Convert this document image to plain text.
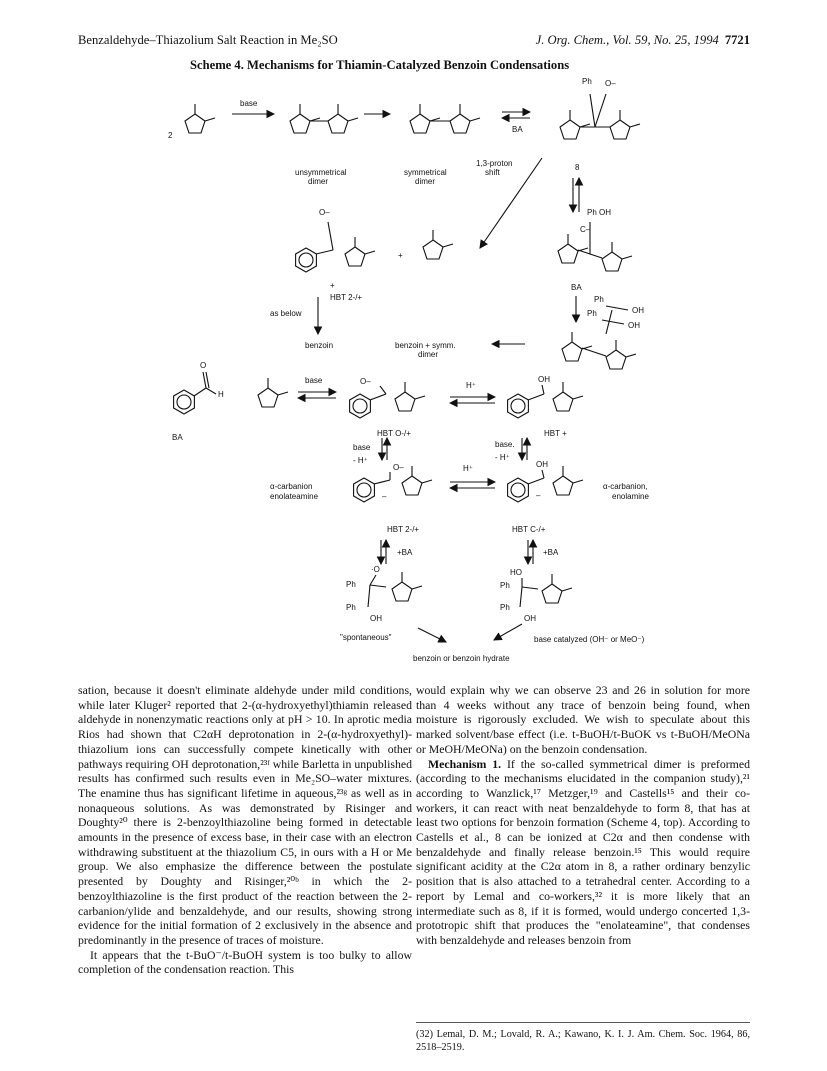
Benzaldehyde–Thiazolium Salt Reaction in Me₂SO	J. Org. Chem., Vol. 59, No. 25, 1994 7721
Scheme 4. Mechanisms for Thiamin-Catalyzed Benzoin Condensations
2
base
unsymmetrical
dimer
symmetrical
dimer
BA
Ph O–
8
1,3-proton
shift
O–
+
+
HBT 2-/+
as below
Ph OH
C–
BA
Ph
OH
Ph
OH
benzoin	benzoin + symm.
dimer
O
H
BA
base	O–
HBT O-/+
H⁺
OH
HBT +
base
- H⁺
base.
- H⁺
O–
–
α-carbanion
enolateamine
H⁺	OH
–
α-carbanion,
enolamine
HBT 2-/+	HBT C-/+
+BA	+BA
·O
Ph
Ph
OH
HO
Ph
Ph
OH
"spontaneous"	base catalyzed (OH⁻ or MeO⁻)
benzoin or benzoin hydrate

sation, because it doesn't eliminate aldehyde under mild conditions, while later Kluger² reported that 2-(α-hydroxyethyl)thiamin released aldehyde in nonenzymatic reactions only at pH > 10. In aprotic media Rios had shown that C2αH deprotonation in 2-(α-hydroxyethyl)-thiazolium ions can successfully compete kinetically with other pathways requiring OH deprotonation,²³ᶠ while Barletta in unpublished results has confirmed such results even in Me₂SO–water mixtures. The enamine thus has significant lifetime in aqueous,²³ᵍ as well as in nonaqueous solutions. As was demonstrated by Risinger and Doughty²⁰ there is 2-benzoylthiazoline being formed in detectable amounts in the presence of excess base, in their case with an electron withdrawing substituent at the thiazolium C5, in ours with a H or Me group. We also emphasize the difference between the postulate presented by Doughty and Risinger,²⁰ᵇ in which the 2-benzoylthiazoline is the first product of the reaction between the 2-carbanion/ylide and benzaldehyde, and our results, showing strong evidence for the initial formation of 2 exclusively in the absence and predominantly in the presence of traces of moisture.

It appears that the t-BuO⁻/t-BuOH system is too bulky to allow completion of the condensation reaction. This

would explain why we can observe 23 and 26 in solution for more than 4 weeks without any trace of benzoin being found, when moisture is rigorously excluded. We wish to speculate about this marked solvent/base effect (i.e. t-BuOH/t-BuOK vs t-BuOH/MeONa or MeOH/MeONa) on the benzoin condensation.

Mechanism 1. If the so-called symmetrical dimer is preformed (according to the mechanisms elucidated in the companion study),²¹ according to Wanzlick,¹⁷ Metzger,¹⁹ and Castells¹⁵ and their co-workers, it can react with neat benzaldehyde to form 8, that has at least two options for benzoin formation (Scheme 4, top). According to Castells et al., 8 can be ionized at C2α and then condense with benzaldehyde and finally release benzoin.¹⁵ This would require significant acidity at the C2α atom in 8, a rather ordinary benzylic position that is also attached to a tetrahedral center. According to a report by Lemal and co-workers,³² it is more likely that an intermediate such as 8, if it is formed, would undergo concerted 1,3-prototropic shift that produces the "enolateamine", that condenses with benzaldehyde and releases benzoin from

(32) Lemal, D. M.; Lovald, R. A.; Kawano, K. I. J. Am. Chem. Soc. 1964, 86, 2518–2519.
